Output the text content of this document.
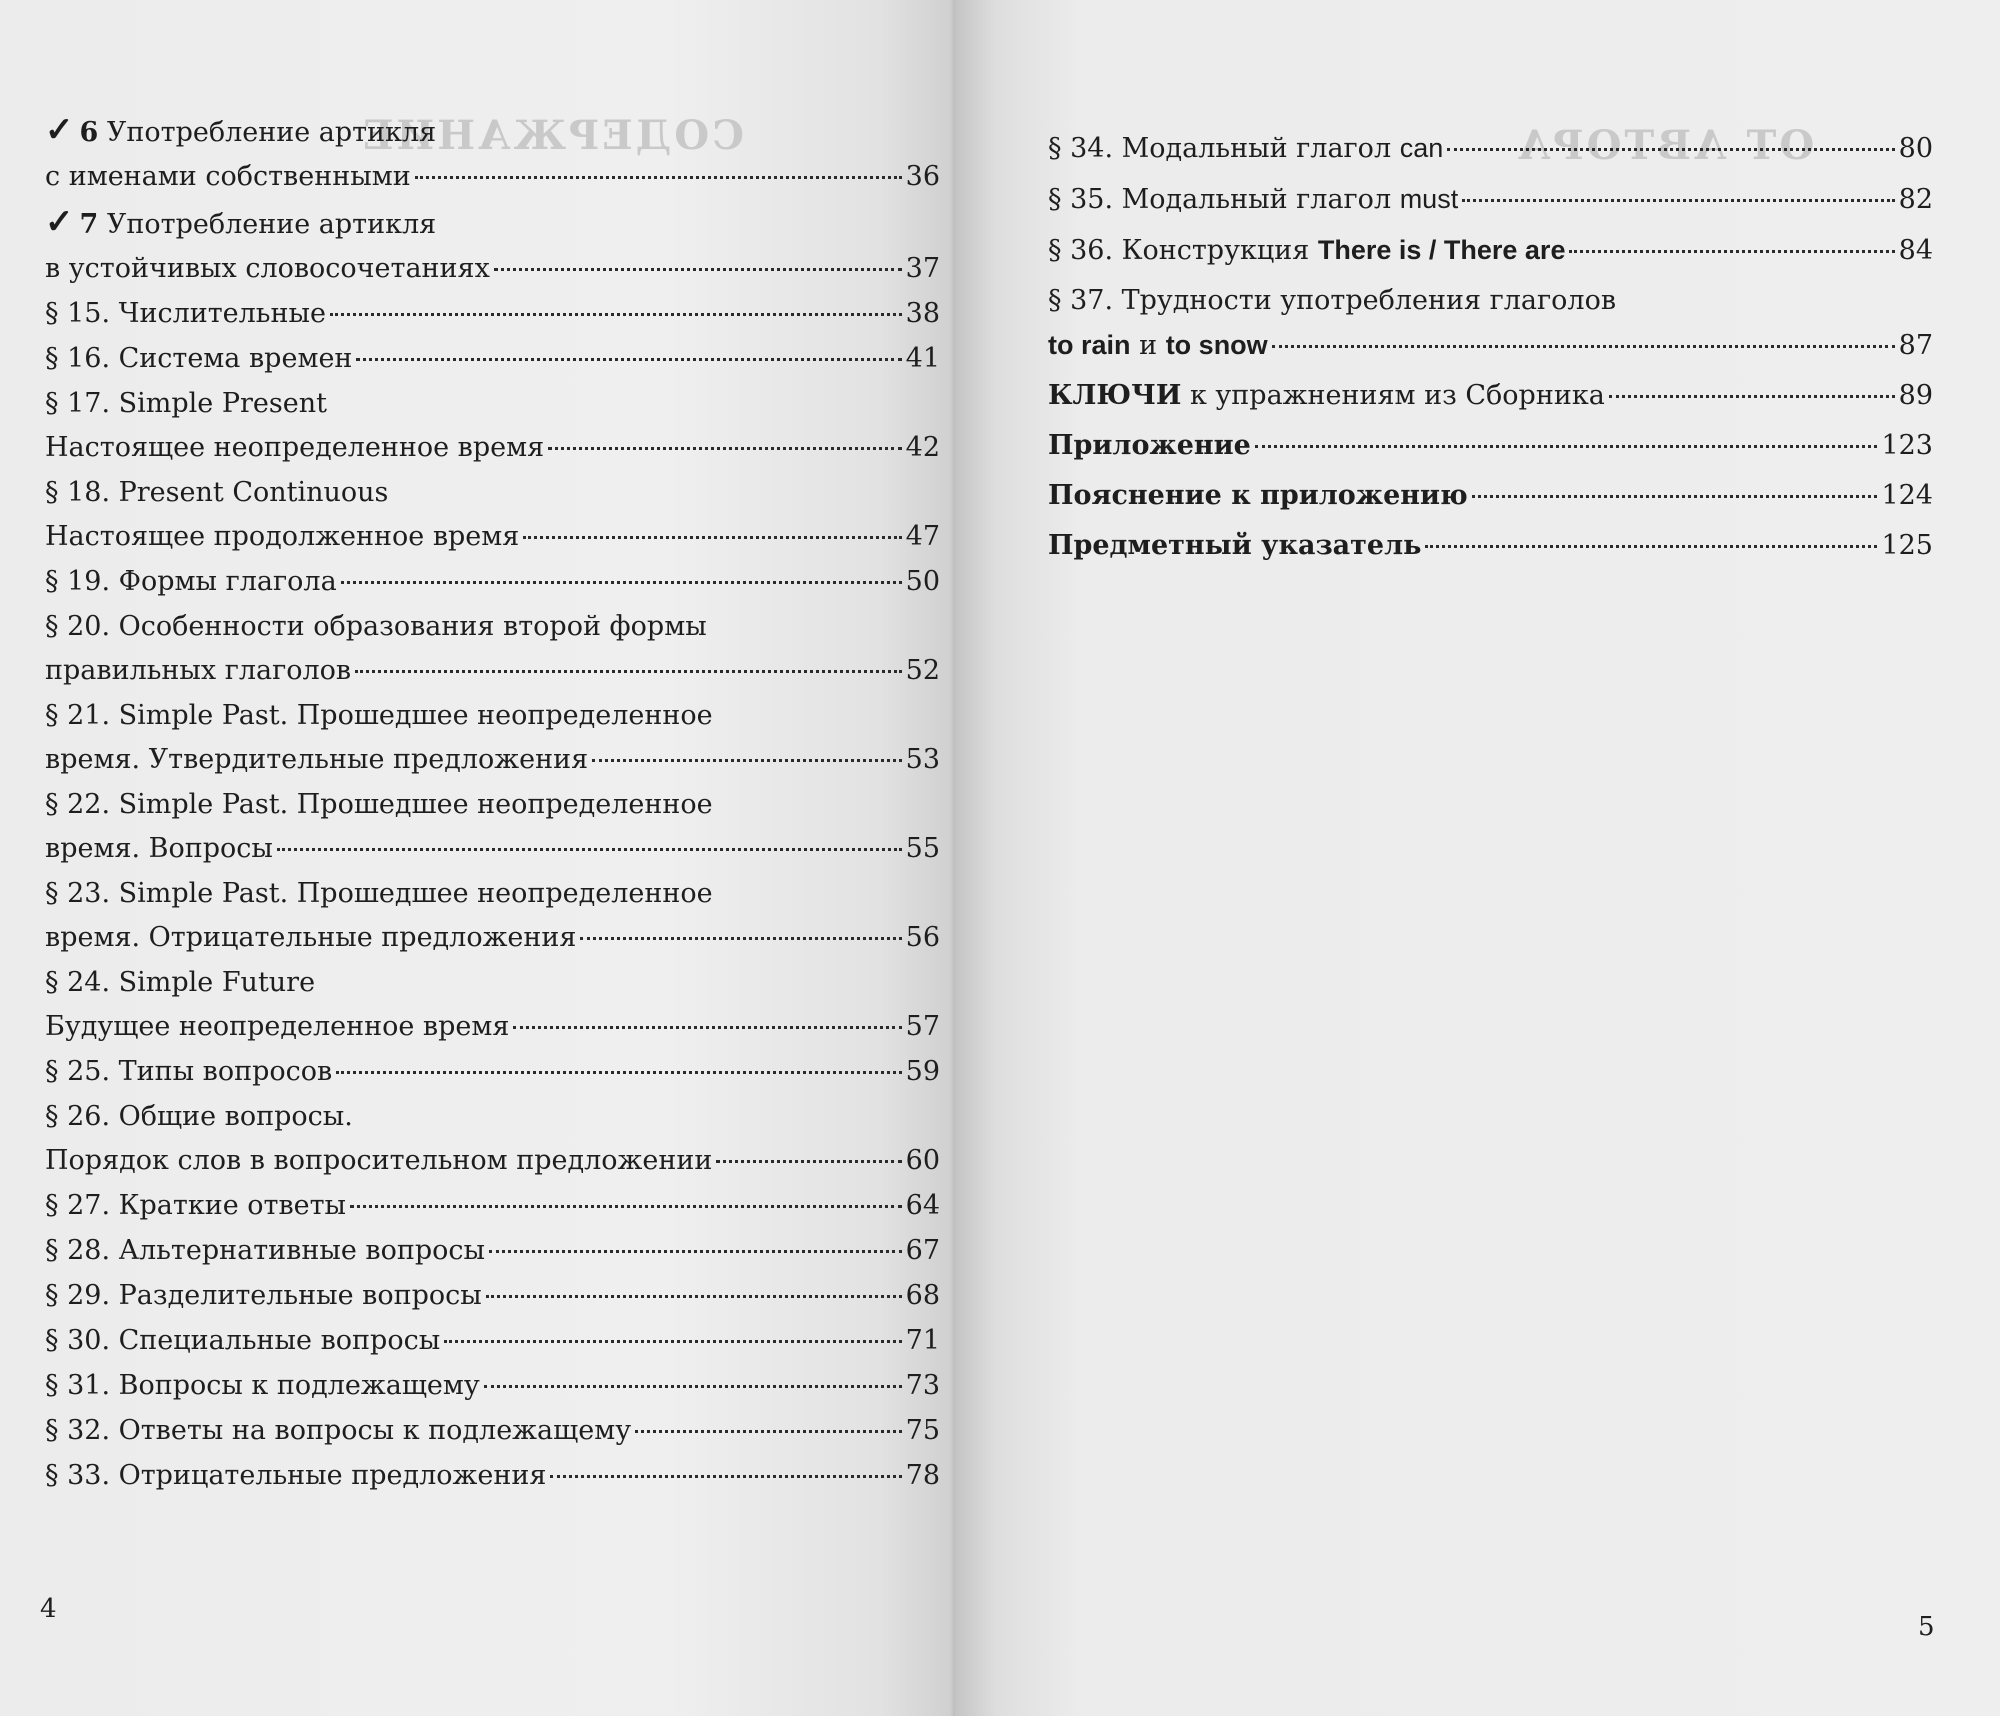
СОДЕРЖАНИЕ
✓ 6 Употребление артикля
с именами собственными	36
✓ 7 Употребление артикля
в устойчивых словосочетаниях	37
§ 15. Числительные	38
§ 16. Система времен	41
§ 17. Simple Present
Настоящее неопределенное время	42
§ 18. Present Continuous
Настоящее продолженное время	47
§ 19. Формы глагола	50
§ 20. Особенности образования второй формы
правильных глаголов	52
§ 21. Simple Past. Прошедшее неопределенное
время. Утвердительные предложения	53
§ 22. Simple Past. Прошедшее неопределенное
время. Вопросы	55
§ 23. Simple Past. Прошедшее неопределенное
время. Отрицательные предложения	56
§ 24. Simple Future
Будущее неопределенное время	57
§ 25. Типы вопросов	59
§ 26. Общие вопросы.
Порядок слов в вопросительном предложении	60
§ 27. Краткие ответы	64
§ 28. Альтернативные вопросы	67
§ 29. Разделительные вопросы	68
§ 30. Специальные вопросы	71
§ 31. Вопросы к подлежащему	73
§ 32. Ответы на вопросы к подлежащему	75
§ 33. Отрицательные предложения	78
4
ОТ АВТОРА
§ 34. Модальный глагол can	80
§ 35. Модальный глагол must	82
§ 36. Конструкция There is / There are	84
§ 37. Трудности употребления глаголов
to rain и to snow	87
КЛЮЧИ к упражнениям из Сборника	89
Приложение	123
Пояснение к приложению	124
Предметный указатель	125
5
